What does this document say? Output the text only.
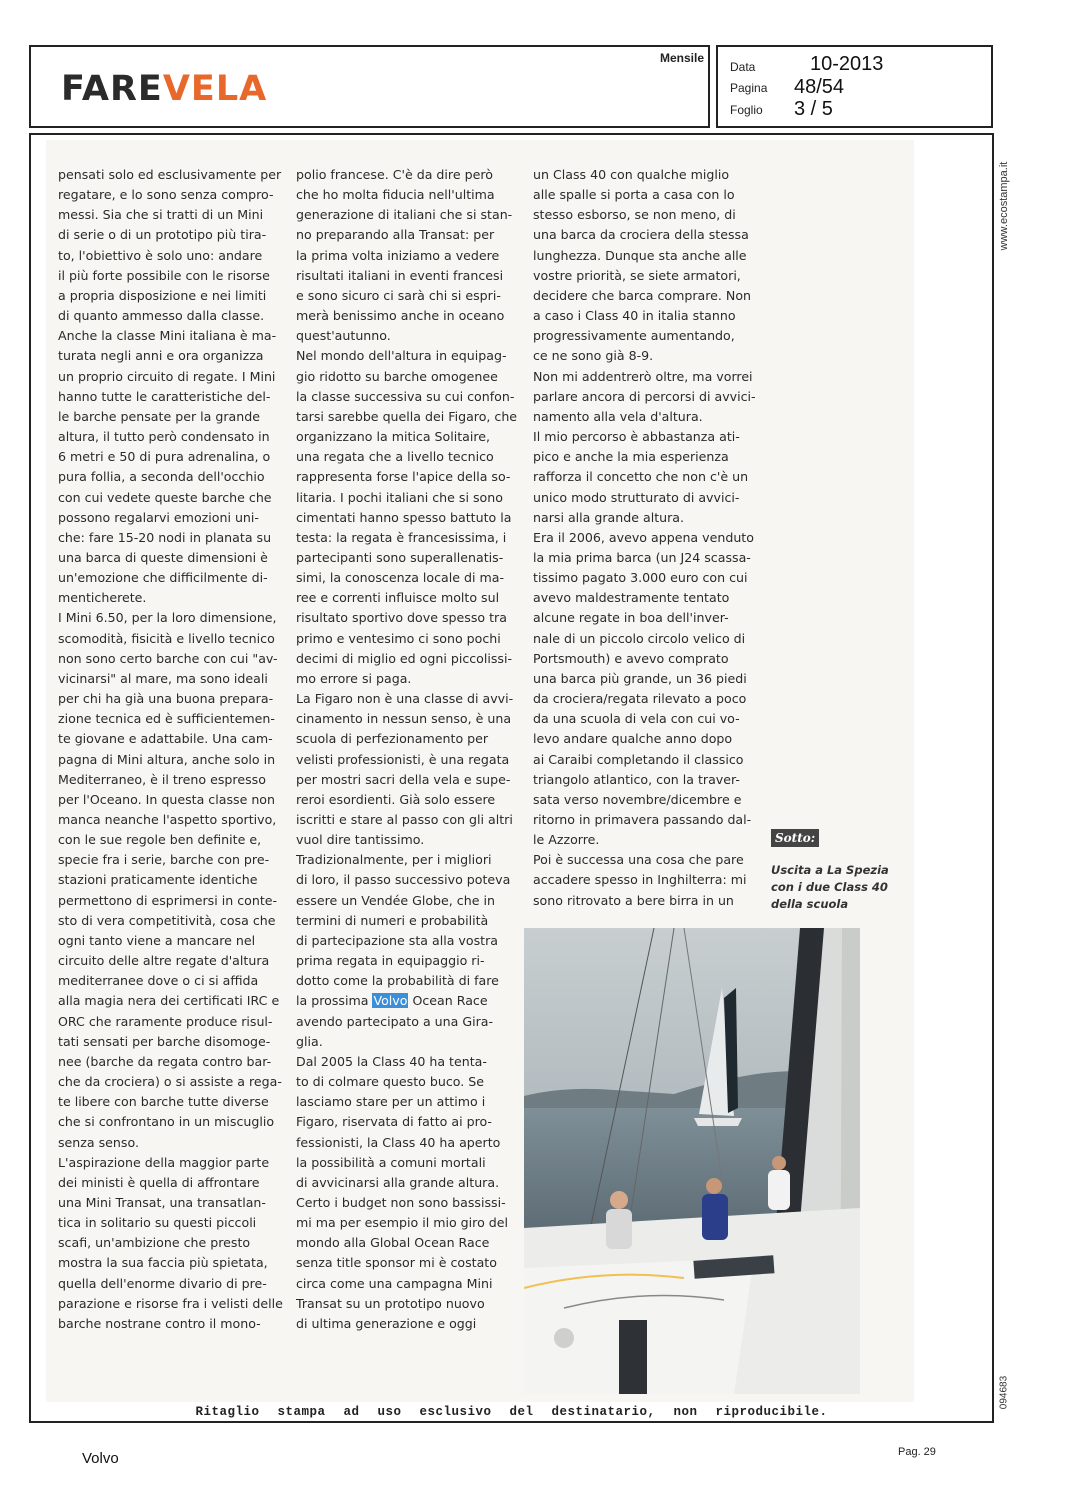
FAREVELA
Mensile
Data	10-2013
Pagina	48/54
Foglio	3 / 5
pensati solo ed esclusivamente per
regatare, e lo sono senza compro-
messi. Sia che si tratti di un Mini
di serie o di un prototipo più tira-
to, l'obiettivo è solo uno: andare
il più forte possibile con le risorse
a propria disposizione e nei limiti
di quanto ammesso dalla classe.
Anche la classe Mini italiana è ma-
turata negli anni e ora organizza
un proprio circuito di regate. I Mini
hanno tutte le caratteristiche del-
le barche pensate per la grande
altura, il tutto però condensato in
6 metri e 50 di pura adrenalina, o
pura follia, a seconda dell'occhio
con cui vedete queste barche che
possono regalarvi emozioni uni-
che: fare 15-20 nodi in planata su
una barca di queste dimensioni è
un'emozione che difficilmente di-
menticherete.
I Mini 6.50, per la loro dimensione,
scomodità, fisicità e livello tecnico
non sono certo barche con cui "av-
vicinarsi" al mare, ma sono ideali
per chi ha già una buona prepara-
zione tecnica ed è sufficientemen-
te giovane e adattabile. Una cam-
pagna di Mini altura, anche solo in
Mediterraneo, è il treno espresso
per l'Oceano. In questa classe non
manca neanche l'aspetto sportivo,
con le sue regole ben definite e,
specie fra i serie, barche con pre-
stazioni praticamente identiche
permettono di esprimersi in conte-
sto di vera competitività, cosa che
ogni tanto viene a mancare nel
circuito delle altre regate d'altura
mediterranee dove o ci si affida
alla magia nera dei certificati IRC e
ORC che raramente produce risul-
tati sensati per barche disomoge-
nee (barche da regata contro bar-
che da crociera) o si assiste a rega-
te libere con barche tutte diverse
che si confrontano in un miscuglio
senza senso.
L'aspirazione della maggior parte
dei ministi è quella di affrontare
una Mini Transat, una transatlan-
tica in solitario su questi piccoli
scafi, un'ambizione che presto
mostra la sua faccia più spietata,
quella dell'enorme divario di pre-
parazione e risorse fra i velisti delle
barche nostrane contro il mono-
polio francese. C'è da dire però
che ho molta fiducia nell'ultima
generazione di italiani che si stan-
no preparando alla Transat: per
la prima volta iniziamo a vedere
risultati italiani in eventi francesi
e sono sicuro ci sarà chi si espri-
merà benissimo anche in oceano
quest'autunno.
Nel mondo dell'altura in equipag-
gio ridotto su barche omogenee
la classe successiva su cui confon-
tarsi sarebbe quella dei Figaro, che
organizzano la mitica Solitaire,
una regata che a livello tecnico
rappresenta forse l'apice della so-
litaria. I pochi italiani che si sono
cimentati hanno spesso battuto la
testa: la regata è francesissima, i
partecipanti sono superallenatis-
simi, la conoscenza locale di ma-
ree e correnti influisce molto sul
risultato sportivo dove spesso tra
primo e ventesimo ci sono pochi
decimi di miglio ed ogni piccolissi-
mo errore si paga.
La Figaro non è una classe di avvi-
cinamento in nessun senso, è una
scuola di perfezionamento per
velisti professionisti, è una regata
per mostri sacri della vela e supe-
reroi esordienti. Già solo essere
iscritti e stare al passo con gli altri
vuol dire tantissimo.
Tradizionalmente, per i migliori
di loro, il passo successivo poteva
essere un Vendée Globe, che in
termini di numeri e probabilità
di partecipazione sta alla vostra
prima regata in equipaggio ri-
dotto come la probabilità di fare
la prossima Volvo Ocean Race
avendo partecipato a una Gira-
glia.
Dal 2005 la Class 40 ha tenta-
to di colmare questo buco. Se
lasciamo stare per un attimo i
Figaro, riservata di fatto ai pro-
fessionisti, la Class 40 ha aperto
la possibilità a comuni mortali
di avvicinarsi alla grande altura.
Certo i budget non sono bassissi-
mi ma per esempio il mio giro del
mondo alla Global Ocean Race
senza title sponsor mi è costato
circa come una campagna Mini
Transat su un prototipo nuovo
di ultima generazione e oggi
un Class 40 con qualche miglio
alle spalle si porta a casa con lo
stesso esborso, se non meno, di
una barca da crociera della stessa
lunghezza. Dunque sta anche alle
vostre priorità, se siete armatori,
decidere che barca comprare. Non
a caso i Class 40 in italia stanno
progressivamente aumentando,
ce ne sono già 8-9.
Non mi addentrerò oltre, ma vorrei
parlare ancora di percorsi di avvici-
namento alla vela d'altura.
Il mio percorso è abbastanza ati-
pico e anche la mia esperienza
rafforza il concetto che non c'è un
unico modo strutturato di avvici-
narsi alla grande altura.
Era il 2006, avevo appena venduto
la mia prima barca (un J24 scassa-
tissimo pagato 3.000 euro con cui
avevo maldestramente tentato
alcune regate in boa dell'inver-
nale di un piccolo circolo velico di
Portsmouth) e avevo comprato
una barca più grande, un 36 piedi
da crociera/regata rilevato a poco
da una scuola di vela con cui vo-
levo andare qualche anno dopo
ai Caraibi completando il classico
triangolo atlantico, con la traver-
sata verso novembre/dicembre e
ritorno in primavera passando dal-
le Azzorre.
Poi è successa una cosa che pare
accadere spesso in Inghilterra: mi
sono ritrovato a bere birra in un
Sotto:
Uscita a La Spezia con i due Class 40 della scuola
Ritaglio stampa ad uso esclusivo del destinatario, non riproducibile.
www.ecostampa.it
094683
Volvo	Pag. 29
